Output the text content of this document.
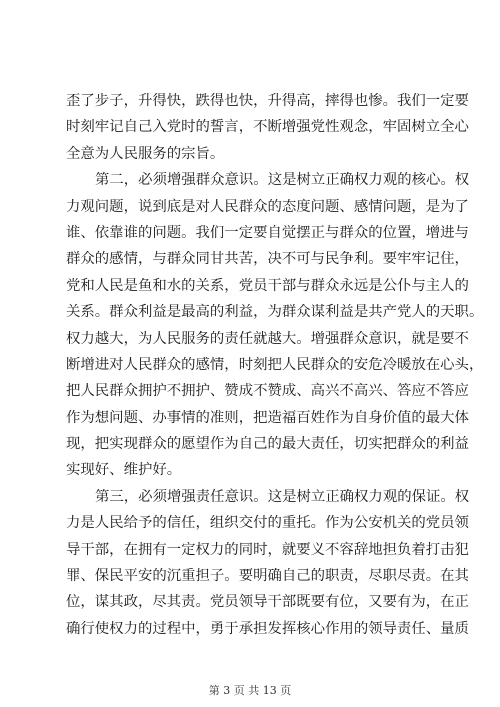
歪了步子，升得快，跌得也快，升得高，摔得也惨。我们一定要
时刻牢记自己入党时的誓言，不断增强党性观念，牢固树立全心
全意为人民服务的宗旨。

第二，必须增强群众意识。这是树立正确权力观的核心。权
力观问题，说到底是对人民群众的态度问题、感情问题，是为了
谁、依靠谁的问题。我们一定要自觉摆正与群众的位置，增进与
群众的感情，与群众同甘共苦，决不可与民争利。要牢牢记住，
党和人民是鱼和水的关系，党员干部与群众永远是公仆与主人的
关系。群众利益是最高的利益，为群众谋利益是共产党人的天职。
权力越大，为人民服务的责任就越大。增强群众意识，就是要不
断增进对人民群众的感情，时刻把人民群众的安危冷暖放在心头，
把人民群众拥护不拥护、赞成不赞成、高兴不高兴、答应不答应
作为想问题、办事情的准则，把造福百姓作为自身价值的最大体
现，把实现群众的愿望作为自己的最大责任，切实把群众的利益
实现好、维护好。

第三，必须增强责任意识。这是树立正确权力观的保证。权
力是人民给予的信任，组织交付的重托。作为公安机关的党员领
导干部，在拥有一定权力的同时，就要义不容辞地担负着打击犯
罪、保民平安的沉重担子。要明确自己的职责，尽职尽责。在其
位，谋其政，尽其责。党员领导干部既要有位，又要有为，在正
确行使权力的过程中，勇于承担发挥核心作用的领导责任、量质

第 3 页 共 13 页
